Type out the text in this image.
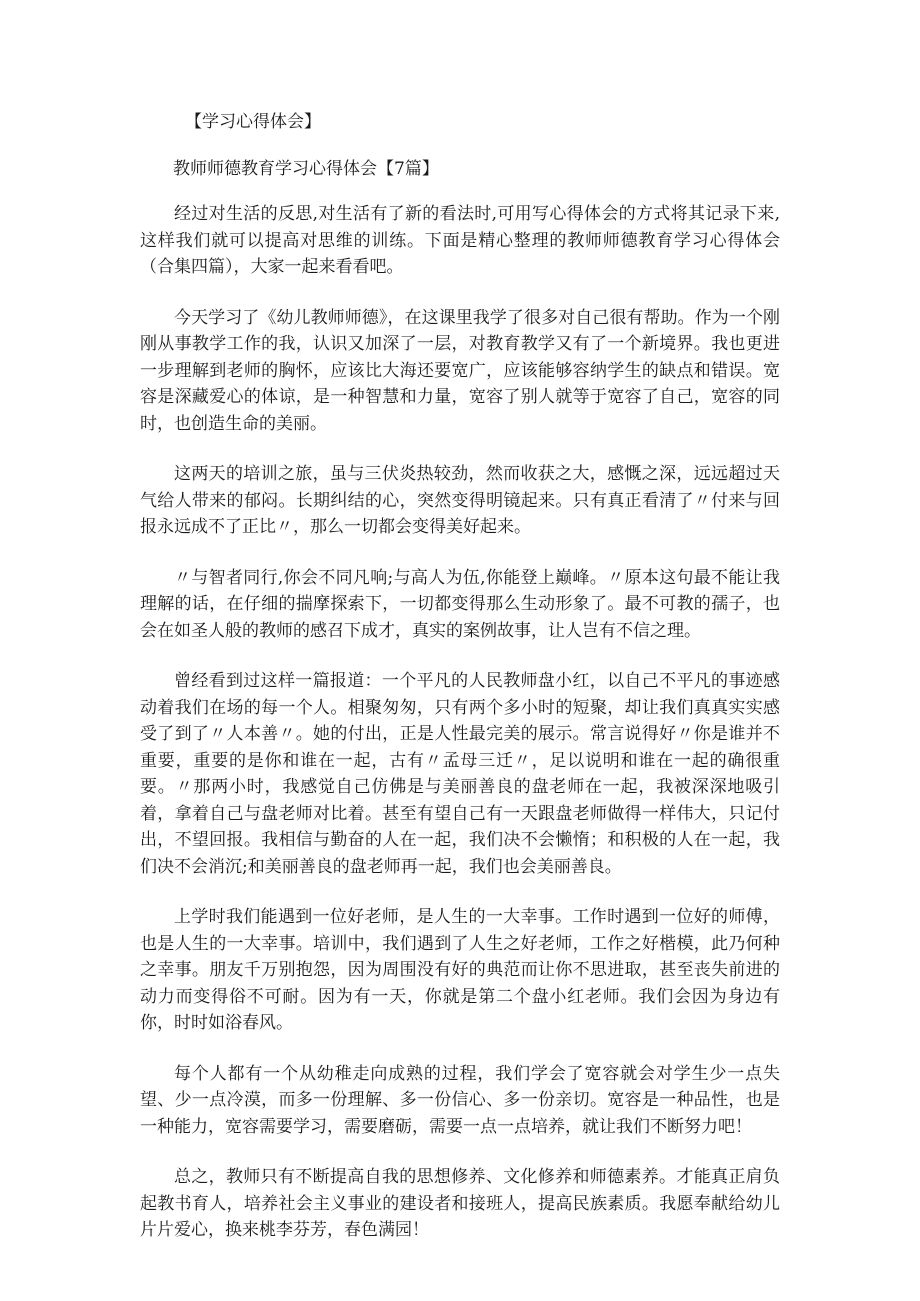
【学习心得体会】
教师师德教育学习心得体会【7篇】

经过对生活的反思,对生活有了新的看法时,可用写心得体会的方式将其记录下来,这样我们就可以提高对思维的训练。下面是精心整理的教师师德教育学习心得体会（合集四篇），大家一起来看看吧。

今天学习了《幼儿教师师德》，在这课里我学了很多对自己很有帮助。作为一个刚刚从事教学工作的我，认识又加深了一层，对教育教学又有了一个新境界。我也更进一步理解到老师的胸怀，应该比大海还要宽广，应该能够容纳学生的缺点和错误。宽容是深藏爱心的体谅，是一种智慧和力量，宽容了别人就等于宽容了自己，宽容的同时，也创造生命的美丽。

这两天的培训之旅，虽与三伏炎热较劲，然而收获之大，感慨之深，远远超过天气给人带来的郁闷。长期纠结的心，突然变得明镜起来。只有真正看清了〃付来与回报永远成不了正比〃，那么一切都会变得美好起来。

〃与智者同行,你会不同凡响;与高人为伍,你能登上巅峰。〃原本这句最不能让我理解的话，在仔细的揣摩探索下，一切都变得那么生动形象了。最不可教的孺子，也会在如圣人般的教师的感召下成才，真实的案例故事，让人岂有不信之理。

曾经看到过这样一篇报道：一个平凡的人民教师盘小红，以自己不平凡的事迹感动着我们在场的每一个人。相聚匆匆，只有两个多小时的短聚，却让我们真真实实感受了到了〃人本善〃。她的付出，正是人性最完美的展示。常言说得好〃你是谁并不重要，重要的是你和谁在一起，古有〃孟母三迁〃，足以说明和谁在一起的确很重要。〃那两小时，我感觉自己仿佛是与美丽善良的盘老师在一起，我被深深地吸引着，拿着自己与盘老师对比着。甚至有望自己有一天跟盘老师做得一样伟大，只记付出，不望回报。我相信与勤奋的人在一起，我们决不会懒惰；和积极的人在一起，我们决不会消沉;和美丽善良的盘老师再一起，我们也会美丽善良。

上学时我们能遇到一位好老师，是人生的一大幸事。工作时遇到一位好的师傅，也是人生的一大幸事。培训中，我们遇到了人生之好老师，工作之好楷模，此乃何种之幸事。朋友千万别抱怨，因为周围没有好的典范而让你不思进取，甚至丧失前进的动力而变得俗不可耐。因为有一天，你就是第二个盘小红老师。我们会因为身边有你，时时如浴春风。

每个人都有一个从幼稚走向成熟的过程，我们学会了宽容就会对学生少一点失望、少一点冷漠，而多一份理解、多一份信心、多一份亲切。宽容是一种品性，也是一种能力，宽容需要学习，需要磨砺，需要一点一点培养，就让我们不断努力吧！

总之，教师只有不断提高自我的思想修养、文化修养和师德素养。才能真正肩负起教书育人，培养社会主义事业的建设者和接班人，提高民族素质。我愿奉献给幼儿片片爱心，换来桃李芬芳，春色满园！
